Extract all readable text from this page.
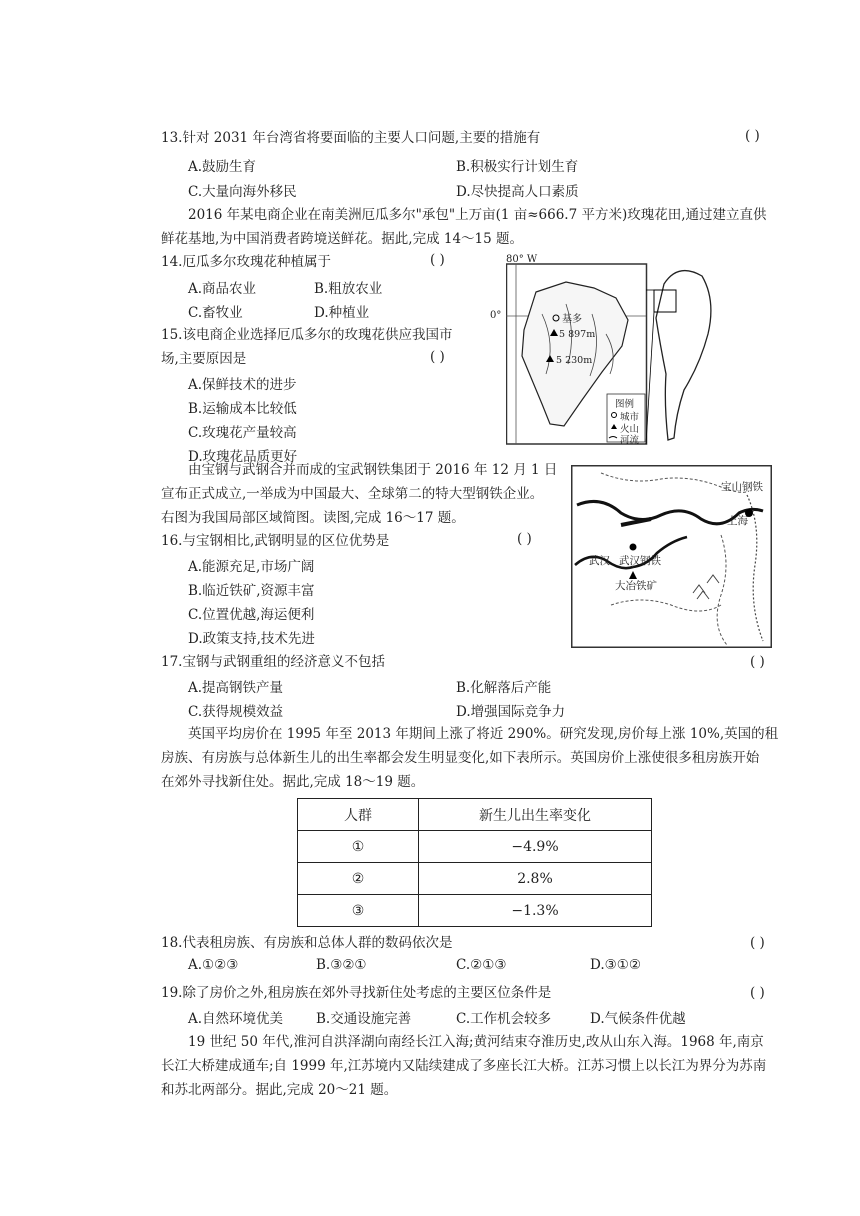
13.针对 2031 年台湾省将要面临的主要人口问题,主要的措施有	( )
A.鼓励生育	B.积极实行计划生育
C.大量向海外移民	D.尽快提高人口素质
2016 年某电商企业在南美洲厄瓜多尔"承包"上万亩(1 亩≈666.7 平方米)玫瑰花田,通过建立直供
鲜花基地,为中国消费者跨境送鲜花。据此,完成 14～15 题。
14.厄瓜多尔玫瑰花种植属于	( )
A.商品农业	B.粗放农业
C.畜牧业	D.种植业
15.该电商企业选择厄瓜多尔的玫瑰花供应我国市
场,主要原因是	( )
A.保鲜技术的进步
B.运输成本比较低
C.玫瑰花产量较高
D.玫瑰花品质更好
80° W
0°	基多
5 897m
5 230m
图例
城市
火山
河流
由宝钢与武钢合并而成的宝武钢铁集团于 2016 年 12 月 1 日
宣布正式成立,一举成为中国最大、全球第二的特大型钢铁企业。
右图为我国局部区域简图。读图,完成 16～17 题。
宝山钢铁
上海
武汉 武汉钢铁
大冶铁矿
16.与宝钢相比,武钢明显的区位优势是	( )
A.能源充足,市场广阔
B.临近铁矿,资源丰富
C.位置优越,海运便利
D.政策支持,技术先进
17.宝钢与武钢重组的经济意义不包括	( )
A.提高钢铁产量	B.化解落后产能
C.获得规模效益	D.增强国际竞争力
英国平均房价在 1995 年至 2013 年期间上涨了将近 290%。研究发现,房价每上涨 10%,英国的租
房族、有房族与总体新生儿的出生率都会发生明显变化,如下表所示。英国房价上涨使很多租房族开始
在郊外寻找新住处。据此,完成 18～19 题。
人群	新生儿出生率变化
①	−4.9%
②	2.8%
③	−1.3%
18.代表租房族、有房族和总体人群的数码依次是	( )
A.①②③	B.③②①	C.②①③	D.③①②
19.除了房价之外,租房族在郊外寻找新住处考虑的主要区位条件是	( )
A.自然环境优美 B.交通设施完善	C.工作机会较多	D.气候条件优越
19 世纪 50 年代,淮河自洪泽湖向南经长江入海;黄河结束夺淮历史,改从山东入海。1968 年,南京
长江大桥建成通车;自 1999 年,江苏境内又陆续建成了多座长江大桥。江苏习惯上以长江为界分为苏南
和苏北两部分。据此,完成 20～21 题。
